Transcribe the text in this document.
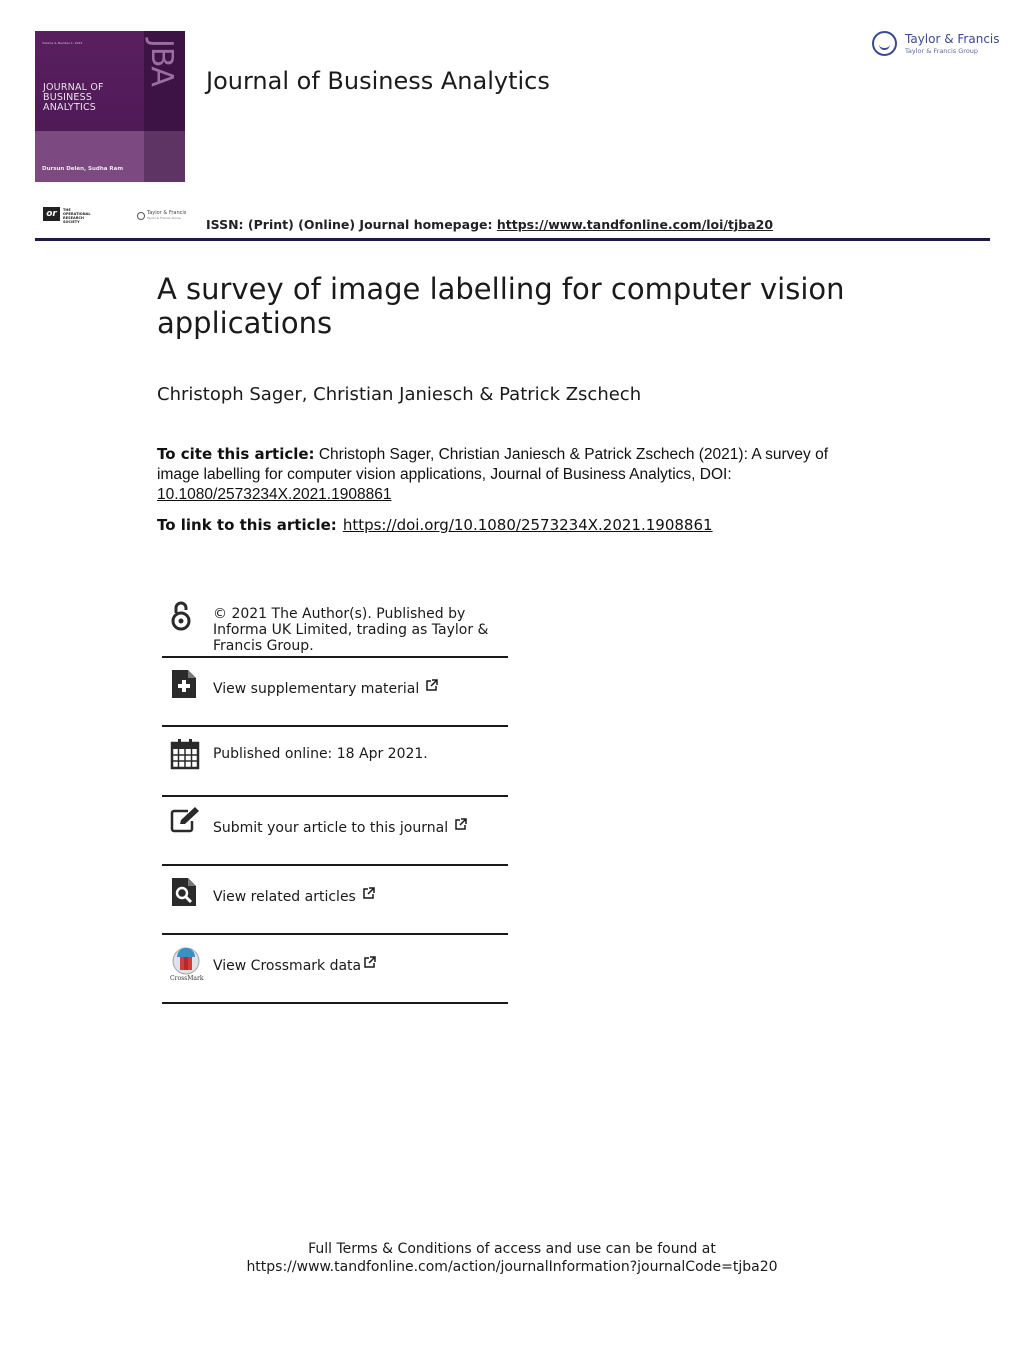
Volume 4, Number 1, 2021
JOURNAL OF
BUSINESS
ANALYTICS
JBA
Dursun Delen, Sudha Ram
Journal of Business Analytics
Taylor & Francis
Taylor & Francis Group
or	THE OPERATIONAL RESEARCH SOCIETY
Taylor & Francis
Taylor & Francis Group ISSN: (Print) (Online) Journal homepage: https://www.tandfonline.com/loi/tjba20
A survey of image labelling for computer vision applications
Christoph Sager, Christian Janiesch & Patrick Zschech
To cite this article: Christoph Sager, Christian Janiesch & Patrick Zschech (2021): A survey of image labelling for computer vision applications, Journal of Business Analytics, DOI: 10.1080/2573234X.2021.1908861
To link to this article: https://doi.org/10.1080/2573234X.2021.1908861
© 2021 The Author(s). Published by Informa UK Limited, trading as Taylor & Francis Group.
View supplementary material
Published online: 18 Apr 2021.
Submit your article to this journal
View related articles
CrossMark
View Crossmark data
Full Terms & Conditions of access and use can be found at
https://www.tandfonline.com/action/journalInformation?journalCode=tjba20
